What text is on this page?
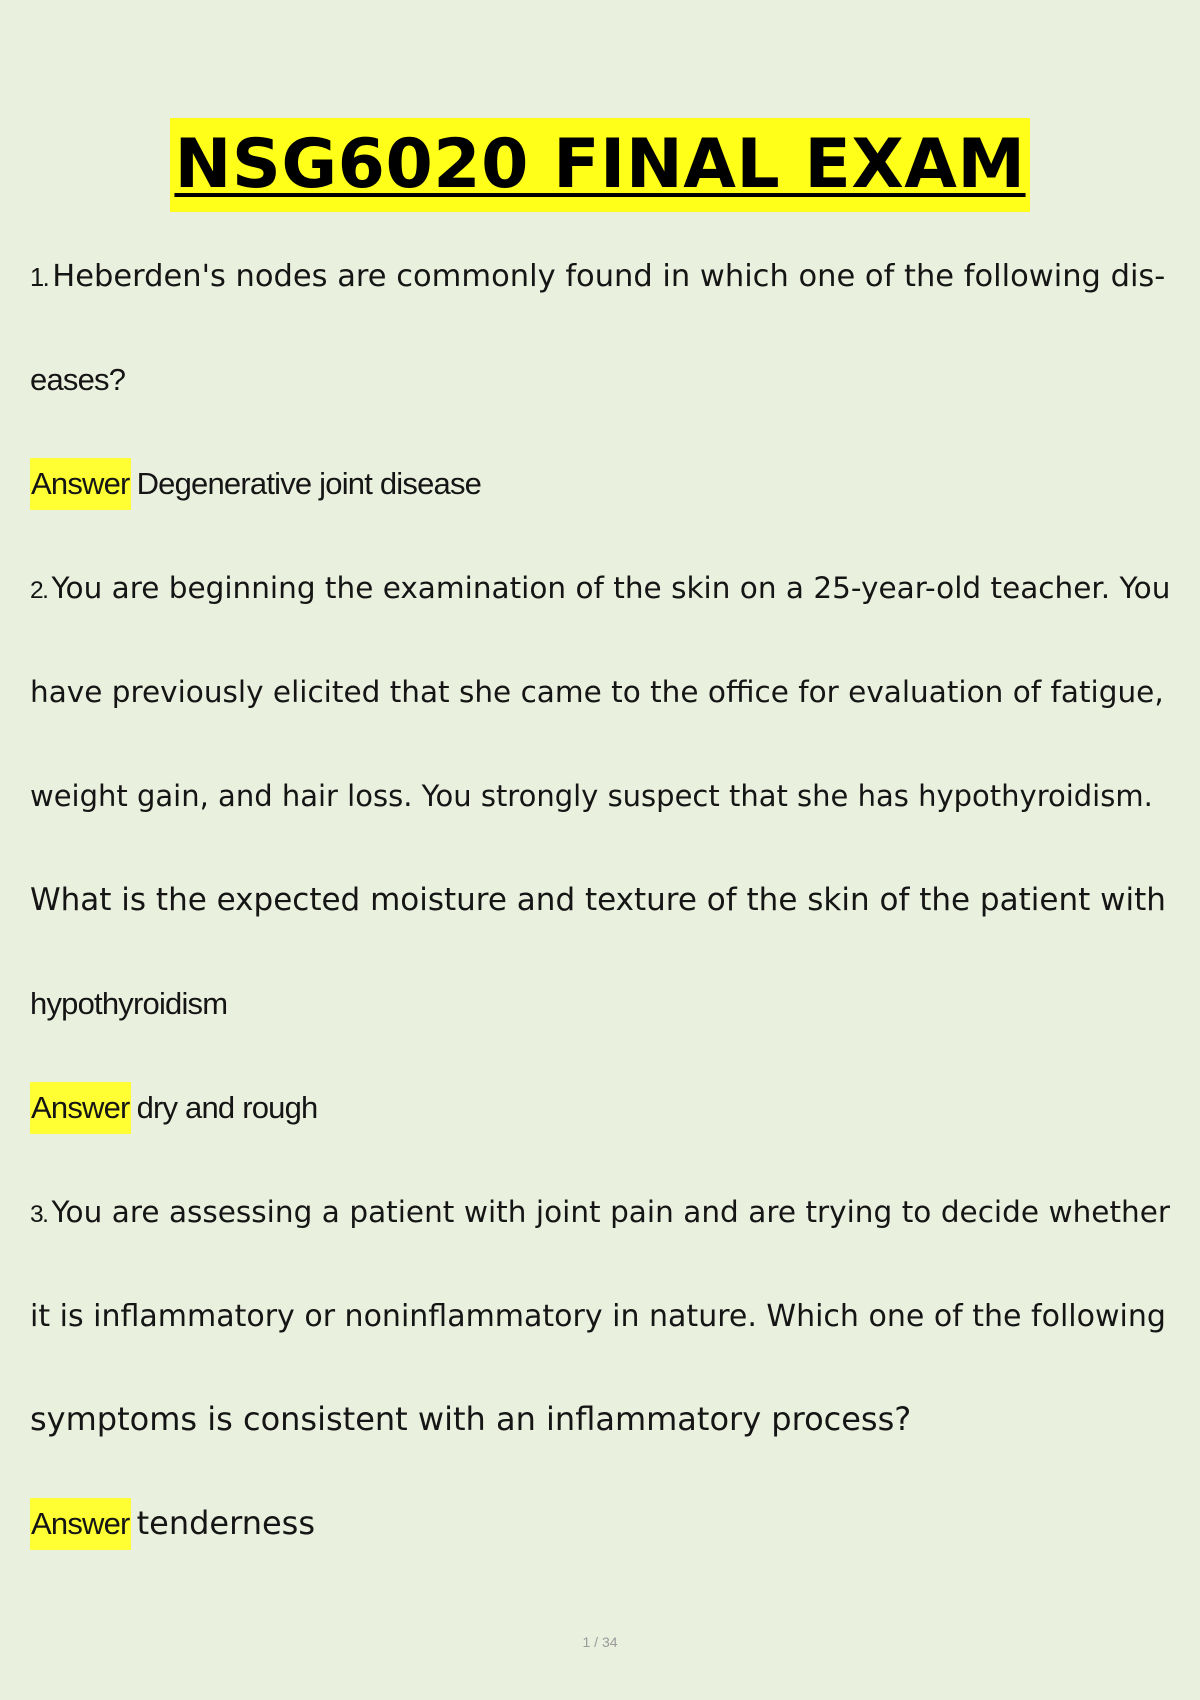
NSG6020 FINAL EXAM
1. Heberden's nodes are commonly found in which one of the following dis-
eases?
Answer Degenerative joint disease
2. You are beginning the examination of the skin on a 25-year-old teacher. You
have previously elicited that she came to the office for evaluation of fatigue,
weight gain, and hair loss. You strongly suspect that she has hypothyroidism.
What is the expected moisture and texture of the skin of the patient with
hypothyroidism
Answer dry and rough
3. You are assessing a patient with joint pain and are trying to decide whether
it is inflammatory or noninflammatory in nature. Which one of the following
symptoms is consistent with an inflammatory process?
Answer tenderness
1 / 34
